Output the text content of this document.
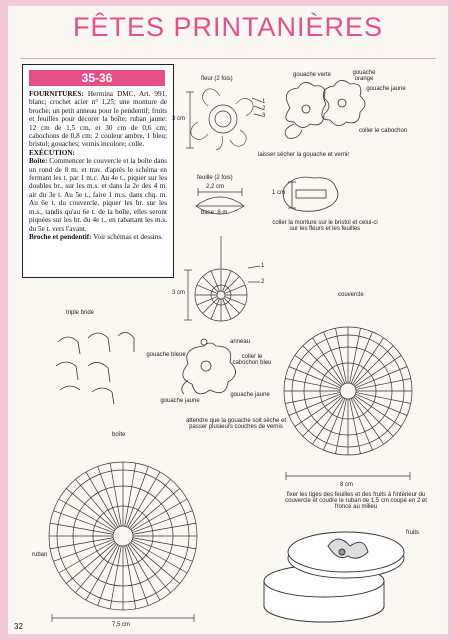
FÊTES PRINTANIÈRES
35-36
FOURNITURES: Hermina DMC, Art. 991, blanc; crochet acier n° 1,25; une monture de broche; un petit anneau pour le pendentif; fruits et feuilles pour décorer la boîte; ruban jaune: 12 cm de 1,5 cm, et 30 cm de 0,6 cm; cabochons de 0,8 cm: 2 couleur ambre, 1 bleu; bristol; gouaches; vernis incolore; colle.
EXÉCUTION:
Boîte: Commencer le couvercle et la boîte dans un rond de 8 m. et trav. d'après le schéma en fermant les t. par 1 m.c. Au 4e t., piquer sur les doubles br., sur les m.s. et dans la 2e des 4 m. air du 3e t. Au 5e t., faire 1 m.s. dans chq. m. Au 6e t. du couvercle, piquer les br. sur les m.s., tandis qu'au 6e t. de la boîte, elles seront piquées sur les br. du 4e t., en rabattant les m.s. du 5e t. vers l'avant.
Broche et pendentif: Voir schémas et dessins.
fleur (2 fois)
3 cm
1
2
3
gouache verte	gouache orange
gouache jaune
coller le cabochon
laisser sécher la gouache et vernir
feuille (2 fois)
2,2 cm
base: 8 m.
1 cm
coller la monture sur le bristol et celui-ci sur les fleurs et les feuilles
3 cm
1
2
couvercle
triple bride
anneau
gouache bleue	coller le cabochon bleu
gouache jaune
gouache jaune
attendre que la gouache soit sèche et passer plusieurs couches de vernis
8 cm
boîte
ruban
7,5 cm
fixer les tiges des feuilles et des fruits à l'intérieur du couvercle et coudre le ruban de 1,5 cm coupé en 2 et froncé au milieu
fruits
32
